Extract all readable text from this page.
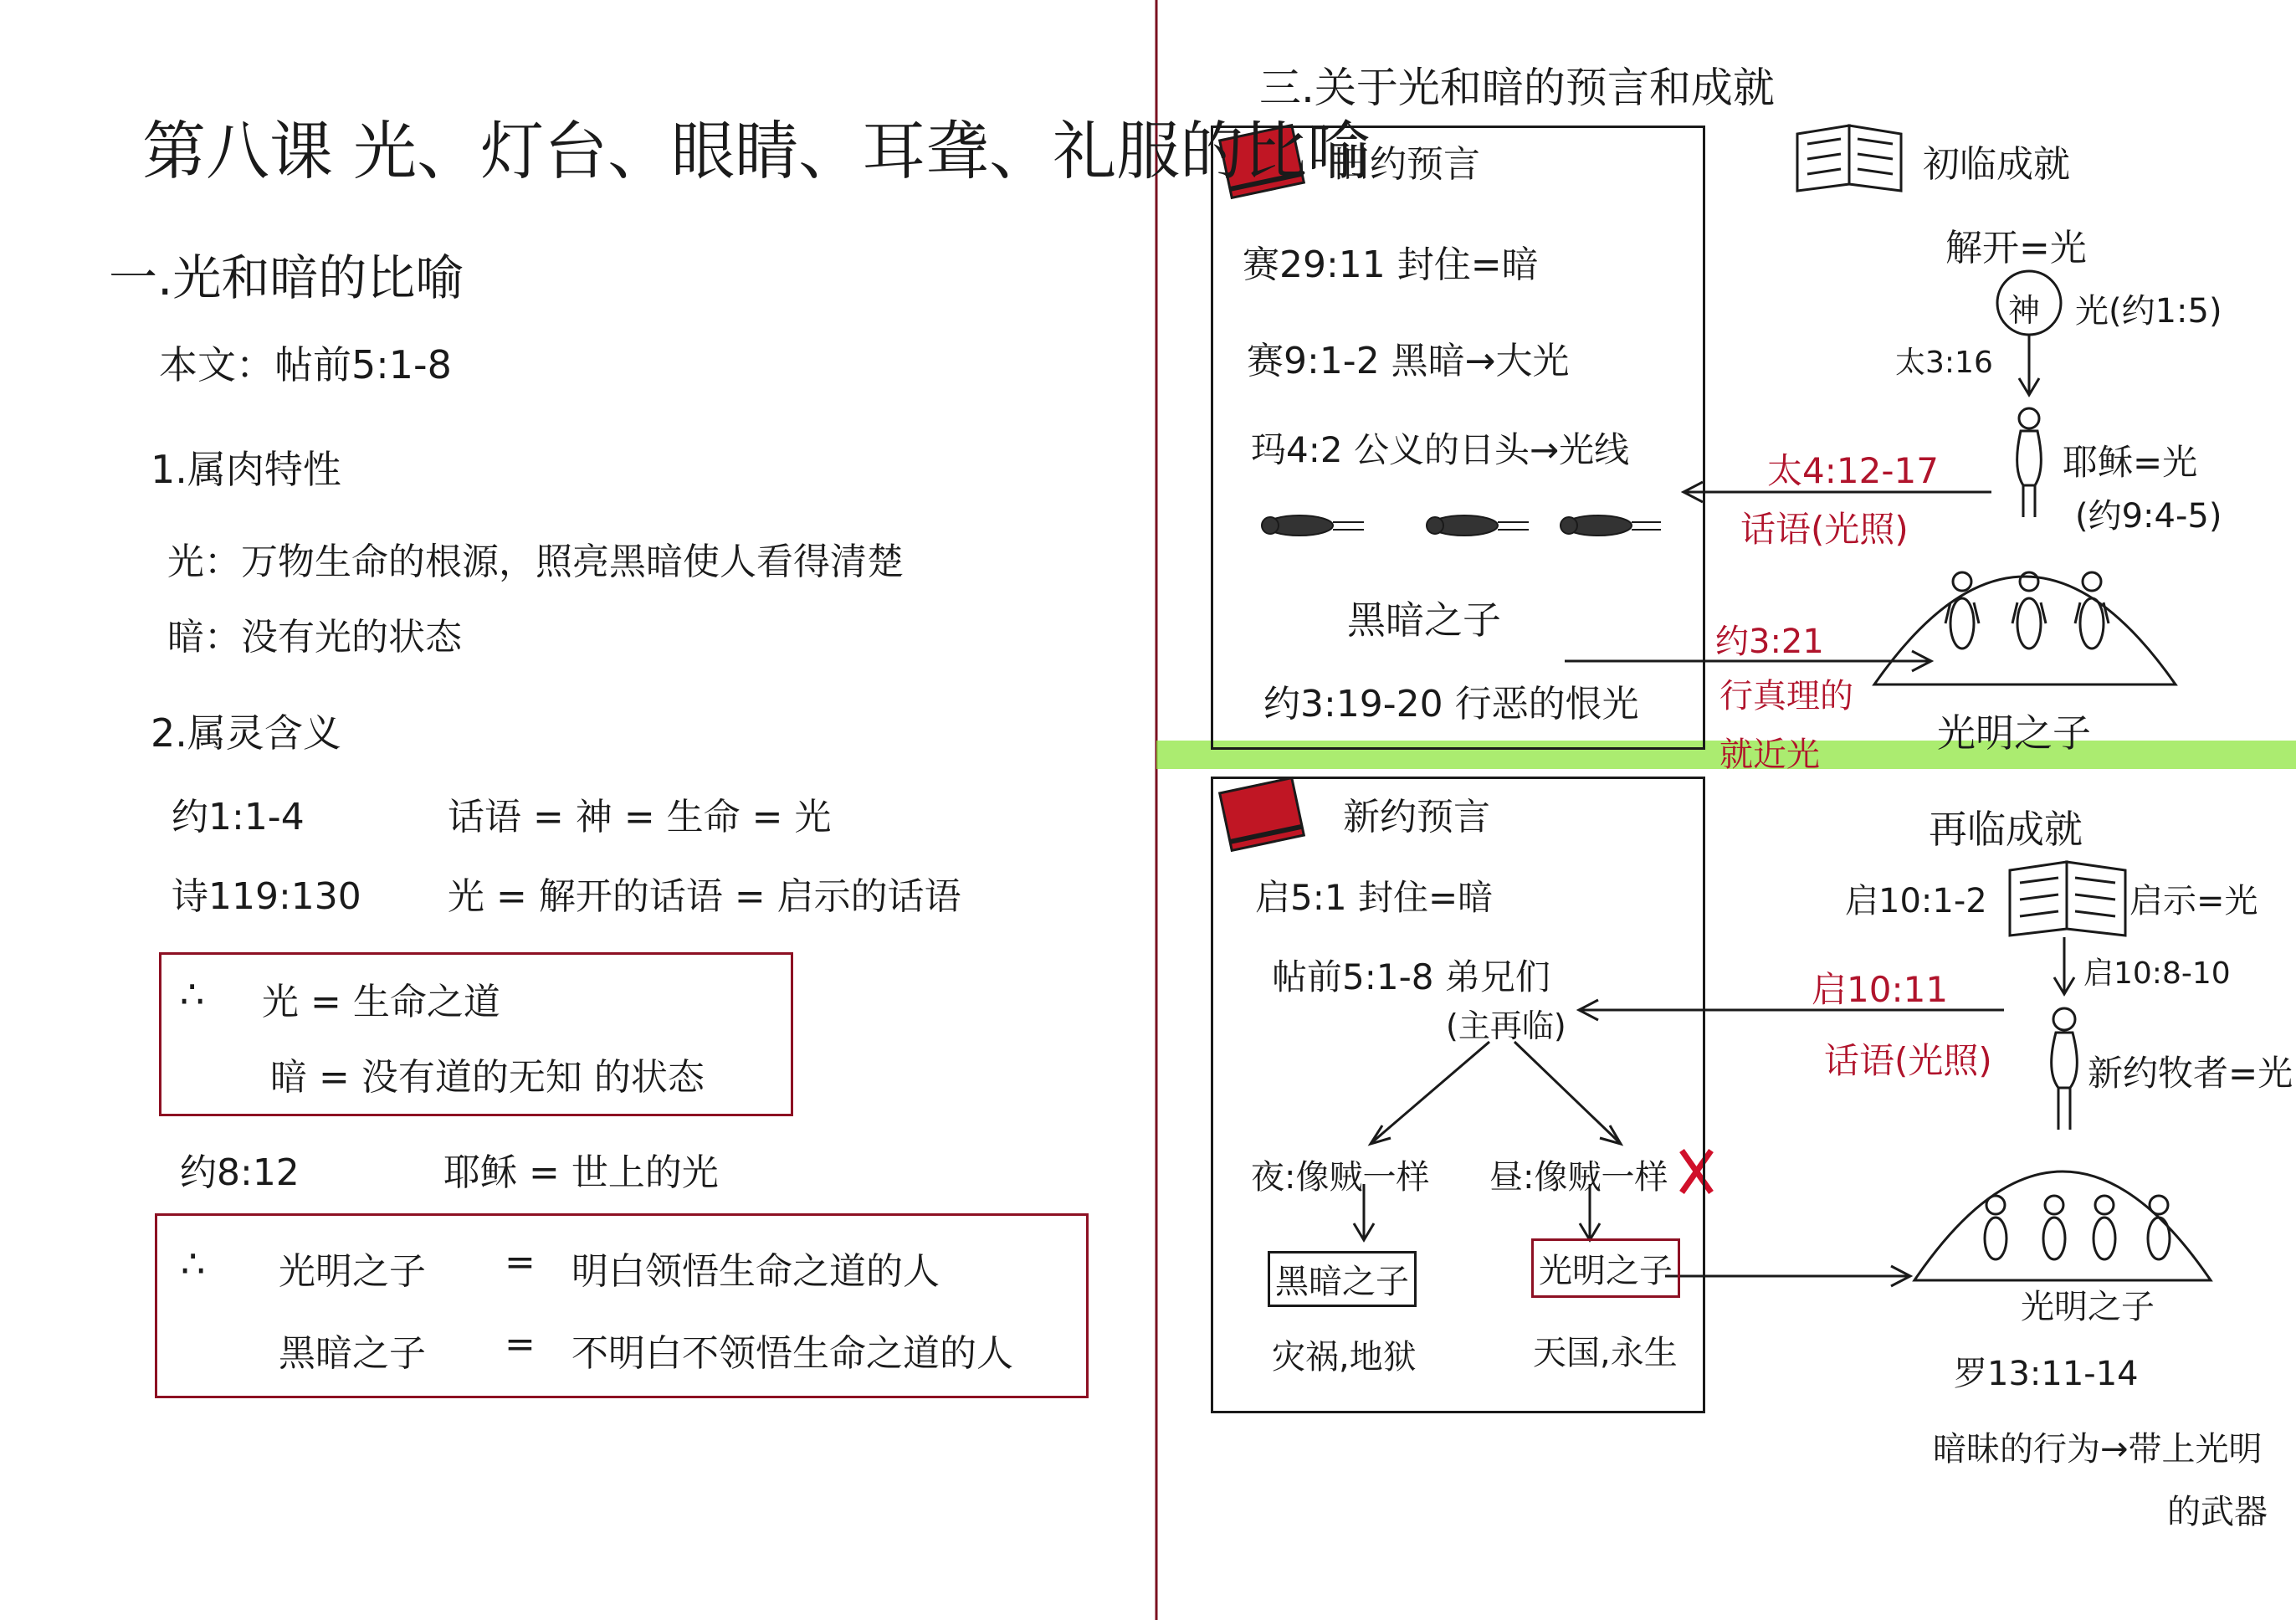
第八课 光、灯台、眼睛、耳聋、礼服的比喻
一.光和暗的比喻
本文：帖前5:1-8
1.属肉特性
光：万物生命的根源，照亮黑暗使人看得清楚
暗：没有光的状态
2.属灵含义
约1:1-4	话语 = 神 = 生命 = 光
诗119:130 光 = 解开的话语 = 启示的话语
∴ 光 = 生命之道
暗 = 没有道的无知 的状态
约8:12	耶稣 = 世上的光
∴ 光明之子 = 明白领悟生命之道的人
黑暗之子 = 不明白不领悟生命之道的人
三.关于光和暗的预言和成就
旧约预言
赛29:11 封住=暗
赛9:1-2 黑暗→大光
玛4:2 公义的日头→光线
黑暗之子
约3:19-20 行恶的恨光
初临成就
解开=光
神 光(约1:5)
太3:16
耶稣=光
(约9:4-5)
太4:12-17
话语(光照)
约3:21
行真理的
就近光	光明之子
新约预言
启5:1 封住=暗
帖前5:1-8 弟兄们
(主再临)
夜:像贼一样 昼:像贼一样
黑暗之子	光明之子
灾祸,地狱	天国,永生
再临成就
启10:1-2	启示=光
启10:8-10
启10:11
话语(光照)	新约牧者=光
光明之子
罗13:11-14
暗昧的行为→带上光明
的武器
